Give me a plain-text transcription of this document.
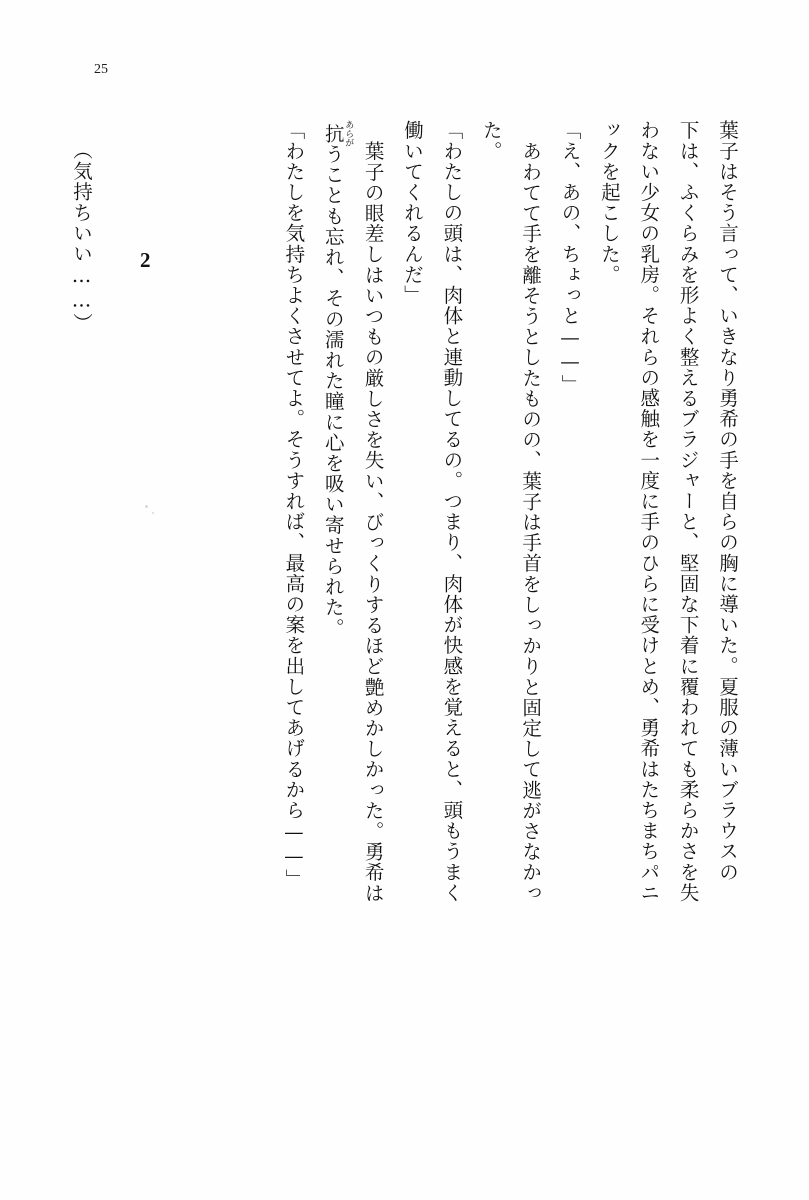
25

葉子はそう言って、いきなり勇希の手を自らの胸に導いた。夏服の薄いブラウスの

下は、ふくらみを形よく整えるブラジャーと、堅固な下着に覆われても柔らかさを失

わない少女の乳房。それらの感触を一度に手のひらに受けとめ、勇希はたちまちパニ

ックを起こした。

「え、あの、ちょっと——」

あわてて手を離そうとしたものの、葉子は手首をしっかりと固定して逃がさなかっ

た。

「わたしの頭は、肉体と連動してるの。つまり、肉体が快感を覚えると、頭もうまく

働いてくれるんだ」

葉子の眼差しはいつもの厳しさを失い、びっくりするほど艶めかしかった。勇希は

抗あらがうことも忘れ、その濡れた瞳に心を吸い寄せられた。

「わたしを気持ちよくさせてよ。そうすれば、最高の案を出してあげるから——」

2

（気持ちいい……）
